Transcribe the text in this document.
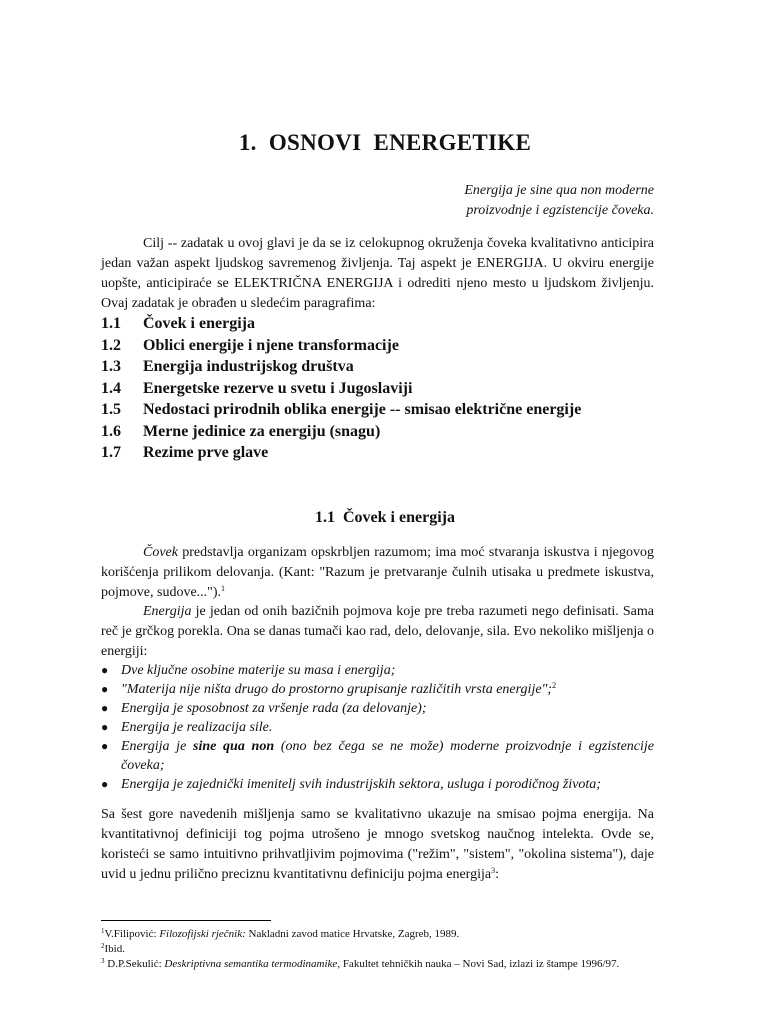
1. OSNOVI  ENERGETIKE
Energija je sine qua non moderne
proizvodnje i egzistencije čoveka.

Cilj -- zadatak u ovoj glavi je da se iz celokupnog okruženja čoveka kvalitativno anticipira jedan važan aspekt ljudskog savremenog življenja. Taj aspekt je ENERGIJA. U okviru energije uopšte, anticipiraće se ELEKTRIČNA ENERGIJA i odrediti njeno mesto u ljudskom življenju. Ovaj zadatak je obrađen u sledećim paragrafima:

1.1	Čovek i energija
1.2	Oblici energije i njene transformacije
1.3	Energija industrijskog društva
1.4	Energetske rezerve u svetu i Jugoslaviji
1.5	Nedostaci prirodnih oblika energije -- smisao električne energije
1.6	Merne jedinice za energiju (snagu)
1.7	Rezime prve glave
1.1  Čovek i energija

Čovek predstavlja organizam opskrbljen razumom; ima moć stvaranja iskustva i njegovog korišćenja prilikom delovanja. (Kant: "Razum je pretvaranje čulnih utisaka u predmete iskustva, pojmove, sudove...").$^1$

Energija je jedan od onih bazičnih pojmova koje pre treba razumeti nego definisati. Sama reč je grčkog porekla. Ona se danas tumači kao rad, delo, delovanje, sila. Evo nekoliko mišljenja o energiji:

● Dve ključne osobine materije su masa i energija;
● "Materija nije ništa drugo do prostorno grupisanje različitih vrsta energije";$^2$
● Energija je sposobnost za vršenje rada (za delovanje);
● Energija je realizacija sile.
● Energija je sine qua non (ono bez čega se ne može) moderne proizvodnje i egzistencije čoveka;
● Energija je zajednički imenitelj svih industrijskih sektora, usluga i porodičnog života;

Sa šest gore navedenih mišljenja samo se kvalitativno ukazuje na smisao pojma energija. Na kvantitativnoj definiciji tog pojma utrošeno je mnogo svetskog naučnog intelekta. Ovde se, koristeći se samo intuitivno prihvatljivim pojmovima ("režim", "sistem", "okolina sistema"), daje uvid u jednu prilično preciznu kvantitativnu definiciju pojma energija$^3$:

$^1$V.Filipović: Filozofijski rječnik: Nakladni zavod matice Hrvatske, Zagreb, 1989.

$^2$Ibid.

$^3$ D.P.Sekulić: Deskriptivna semantika termodinamike, Fakultet tehničkih nauka – Novi Sad, izlazi iz štampe 1996/97.
